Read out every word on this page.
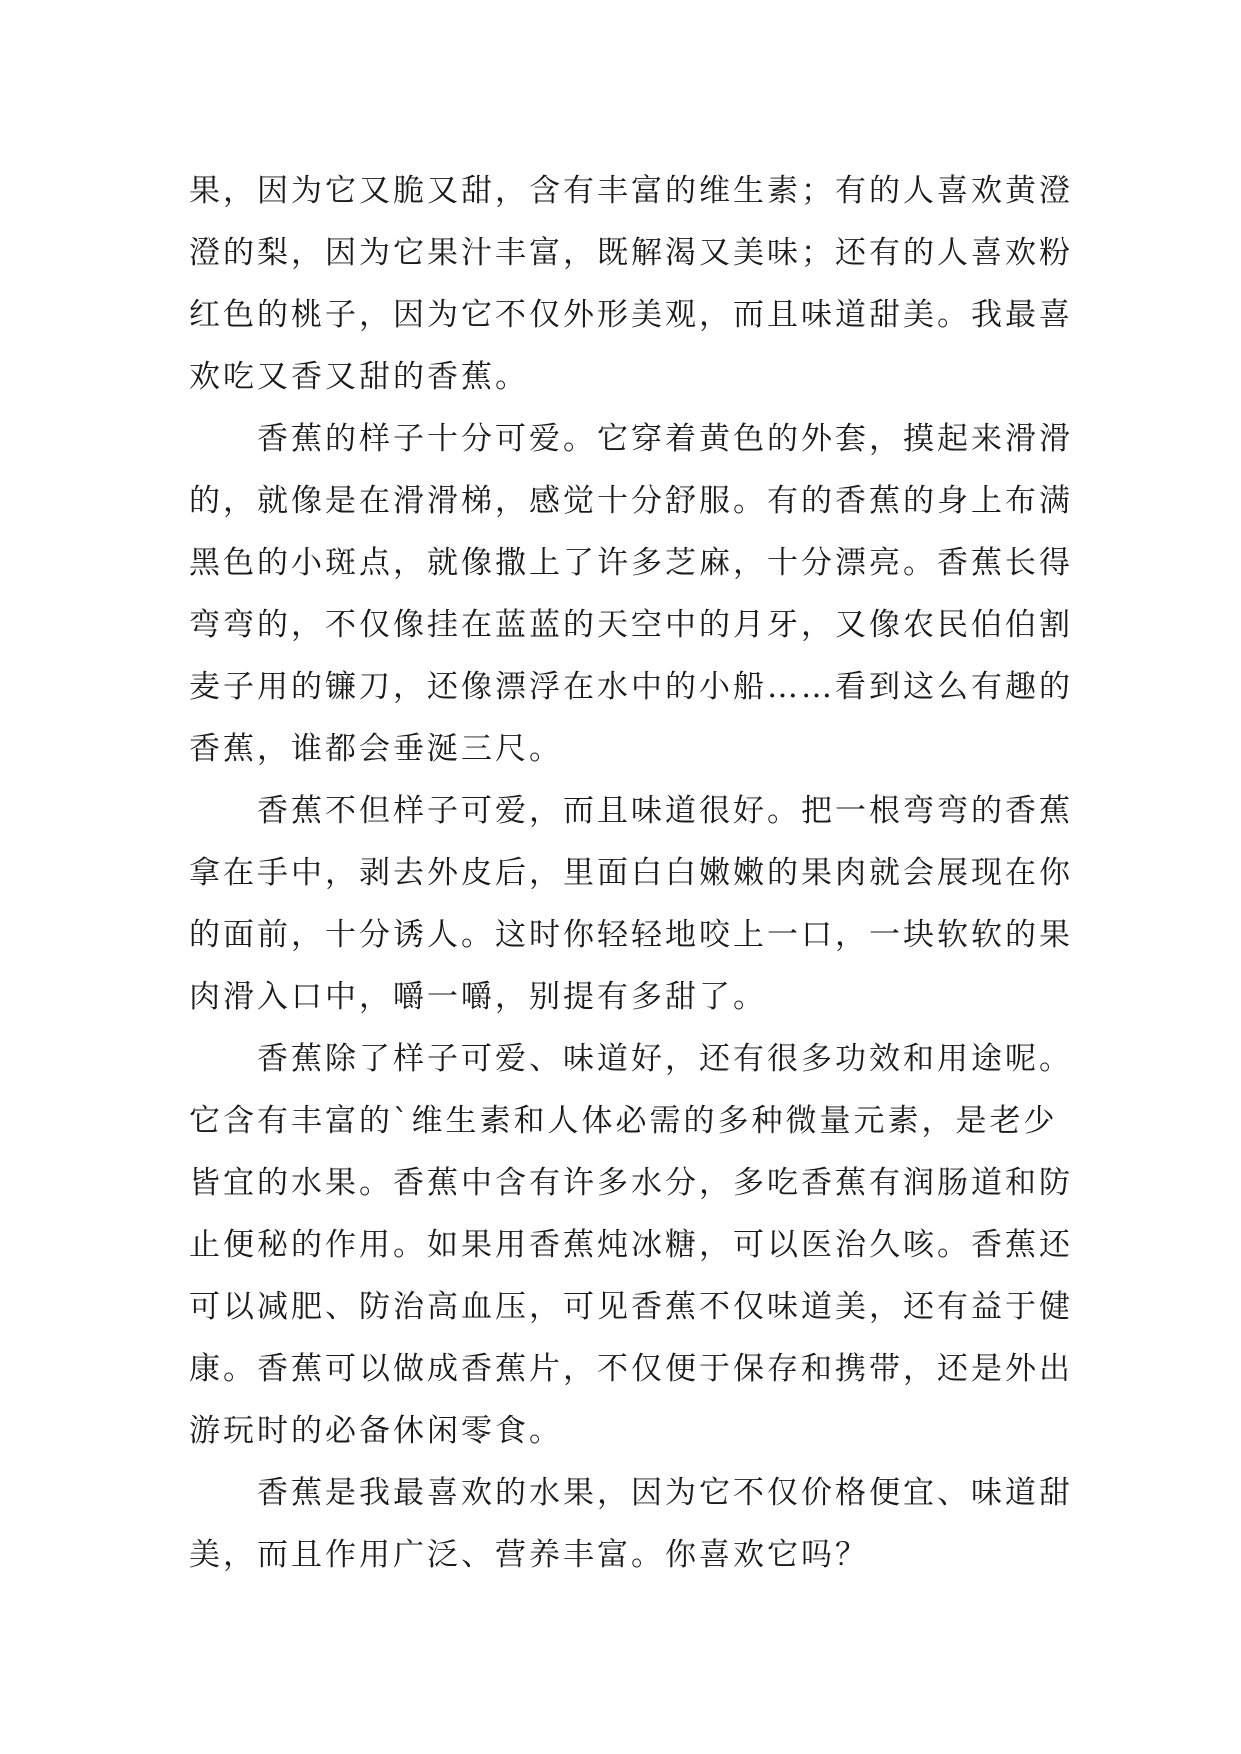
果，因为它又脆又甜，含有丰富的维生素；有的人喜欢黄澄
澄的梨，因为它果汁丰富，既解渴又美味；还有的人喜欢粉
红色的桃子，因为它不仅外形美观，而且味道甜美。我最喜
欢吃又香又甜的香蕉。
香蕉的样子十分可爱。它穿着黄色的外套，摸起来滑滑
的，就像是在滑滑梯，感觉十分舒服。有的香蕉的身上布满
黑色的小斑点，就像撒上了许多芝麻，十分漂亮。香蕉长得
弯弯的，不仅像挂在蓝蓝的天空中的月牙，又像农民伯伯割
麦子用的镰刀，还像漂浮在水中的小船……看到这么有趣的
香蕉，谁都会垂涎三尺。
香蕉不但样子可爱，而且味道很好。把一根弯弯的香蕉
拿在手中，剥去外皮后，里面白白嫩嫩的果肉就会展现在你
的面前，十分诱人。这时你轻轻地咬上一口，一块软软的果
肉滑入口中，嚼一嚼，别提有多甜了。
香蕉除了样子可爱、味道好，还有很多功效和用途呢。
它含有丰富的`维生素和人体必需的多种微量元素，是老少
皆宜的水果。香蕉中含有许多水分，多吃香蕉有润肠道和防
止便秘的作用。如果用香蕉炖冰糖，可以医治久咳。香蕉还
可以减肥、防治高血压，可见香蕉不仅味道美，还有益于健
康。香蕉可以做成香蕉片，不仅便于保存和携带，还是外出
游玩时的必备休闲零食。
香蕉是我最喜欢的水果，因为它不仅价格便宜、味道甜
美，而且作用广泛、营养丰富。你喜欢它吗？
